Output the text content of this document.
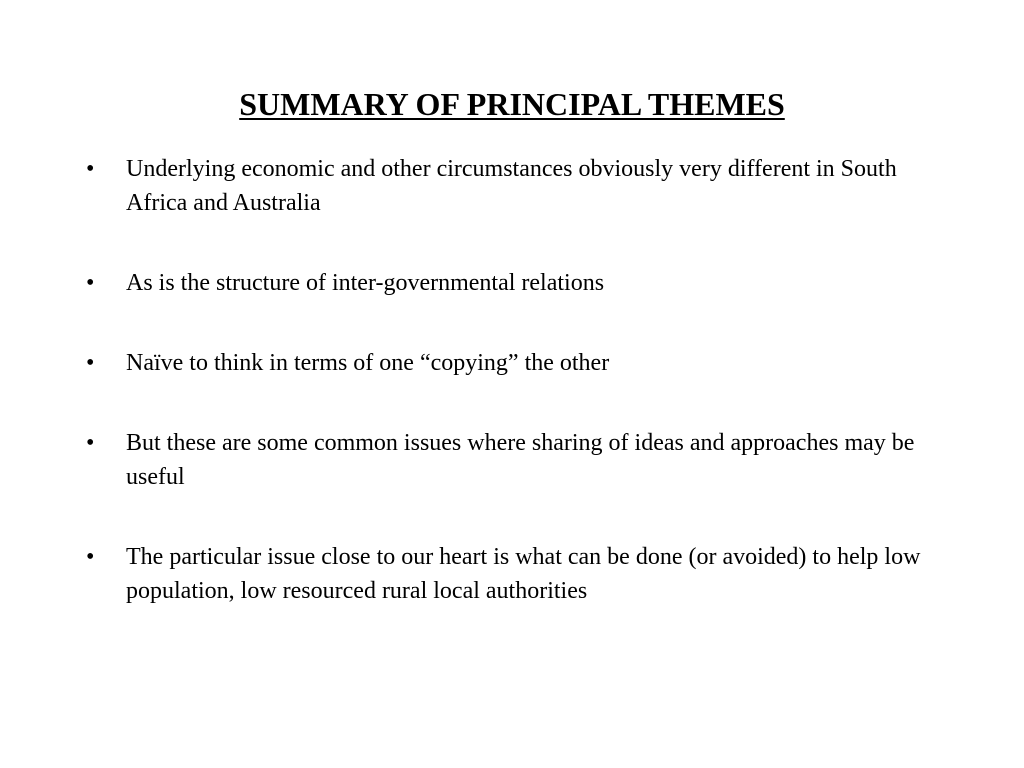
SUMMARY OF PRINCIPAL THEMES
•	Underlying economic and other circumstances obviously very different in South Africa and Australia
•	As is the structure of inter-governmental relations
•	Naïve to think in terms of one “copying” the other
•	But these are some common issues where sharing of ideas and approaches may be useful
•	The particular issue close to our heart is what can be done (or avoided) to help low population, low resourced rural local authorities
